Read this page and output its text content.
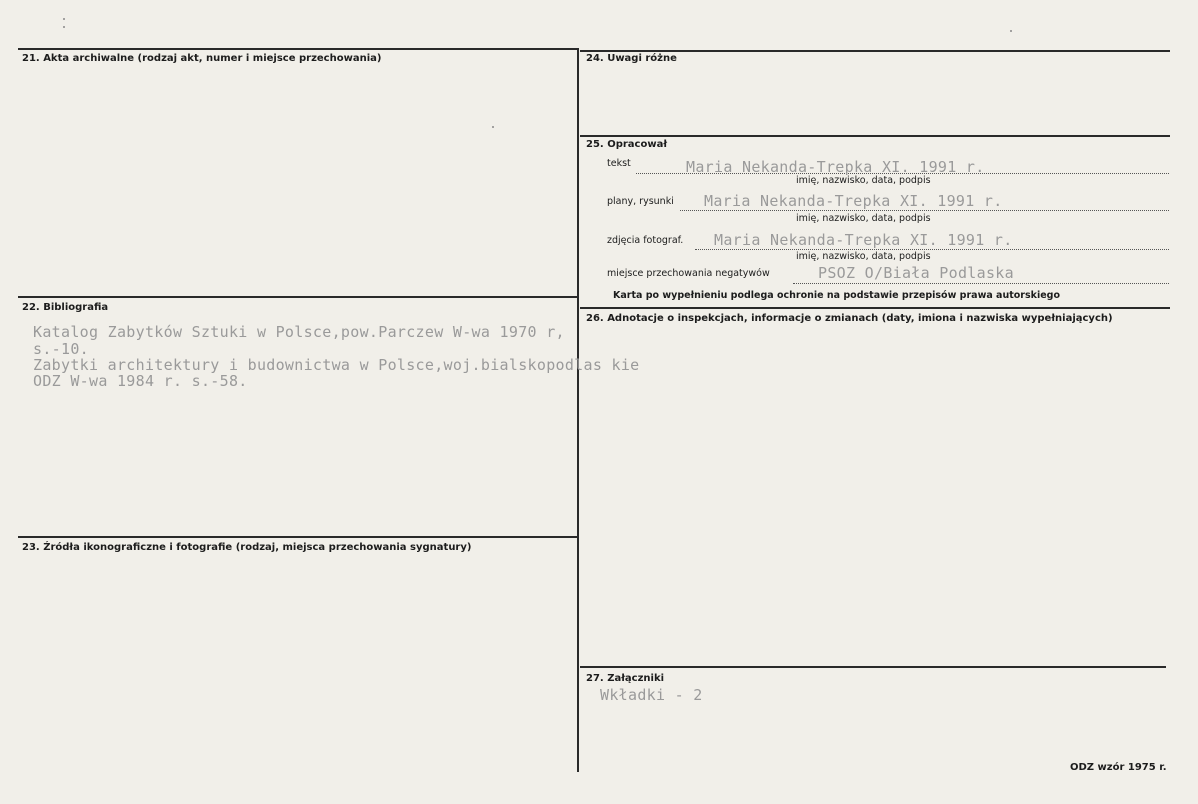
21. Akta archiwalne (rodzaj akt, numer i miejsce przechowania)
22. Bibliografia
Katalog Zabytków Sztuki w Polsce,pow.Parczew W-wa 1970 r,
s.-10.
Zabytki architektury i budownictwa w Polsce,woj.bialskopodlas kie
ODZ W-wa 1984 r. s.-58.
23. Źródła ikonograficzne i fotografie (rodzaj, miejsca przechowania sygnatury)
24. Uwagi różne
25. Opracował
tekst	Maria Nekanda-Trepka XI. 1991 r.
imię, nazwisko, data, podpis
plany, rysunki Maria Nekanda-Trepka XI. 1991 r.
imię, nazwisko, data, podpis
zdjęcia fotograf. Maria Nekanda-Trepka XI. 1991 r.
imię, nazwisko, data, podpis
miejsce przechowania negatywów	PSOZ O/Biała Podlaska
Karta po wypełnieniu podlega ochronie na podstawie przepisów prawa autorskiego
26. Adnotacje o inspekcjach, informacje o zmianach (daty, imiona i nazwiska wypełniających)
27. Załączniki
Wkładki - 2
ODZ wzór 1975 r.
